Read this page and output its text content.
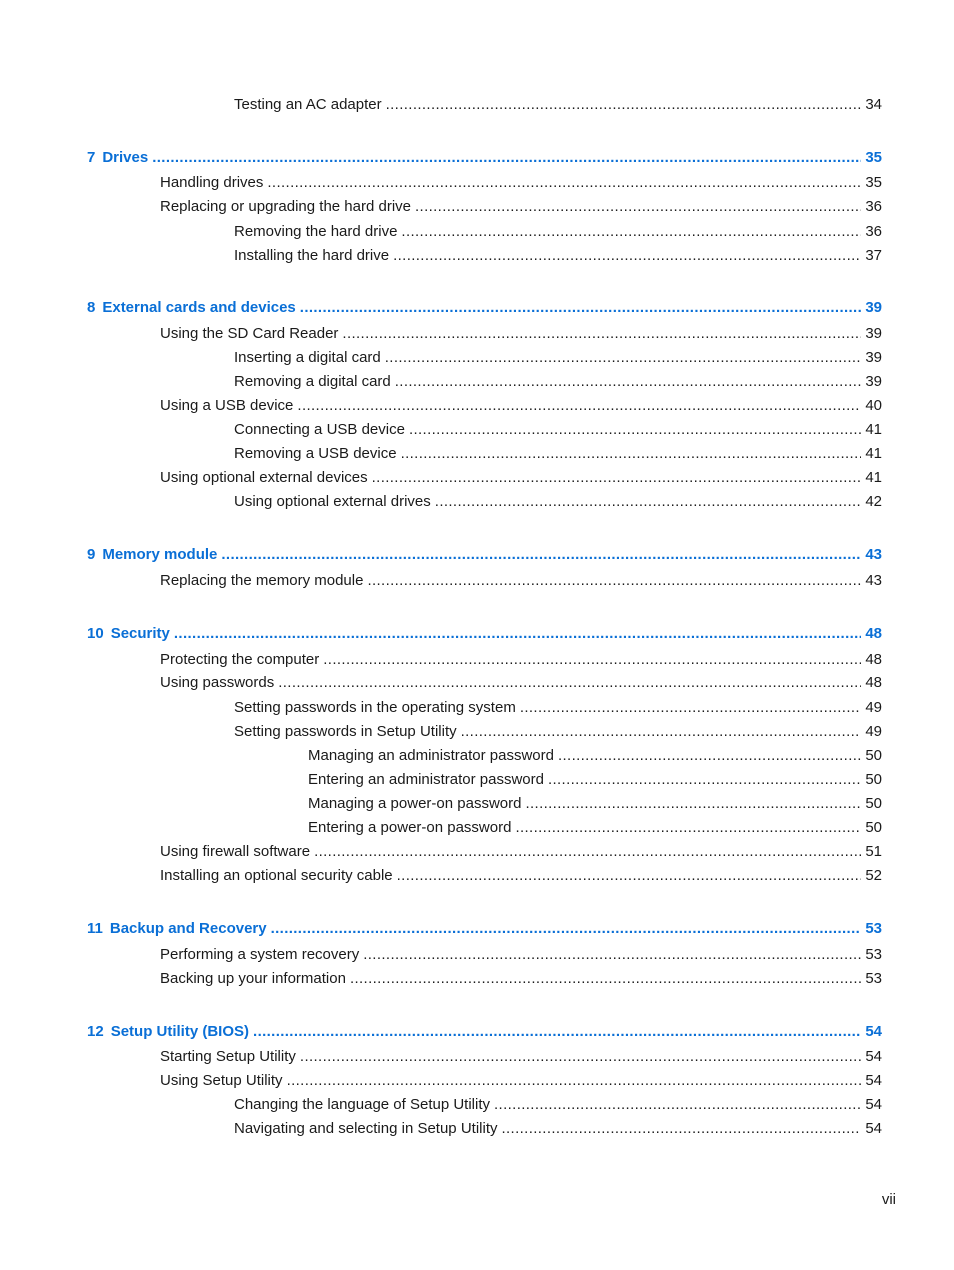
Testing an AC adapter . . .	34
7 Drives . . .	35
Handling drives . . .	35
Replacing or upgrading the hard drive . . .	36
Removing the hard drive . . .	36
Installing the hard drive . . .	37
8 External cards and devices . . .	39
Using the SD Card Reader . . .	39
Inserting a digital card . . .	39
Removing a digital card . . .	39
Using a USB device . . .	40
Connecting a USB device . . .	41
Removing a USB device . . .	41
Using optional external devices . . .	41
Using optional external drives . . .	42
9 Memory module . . .	43
Replacing the memory module . . .	43
10 Security . . .	48
Protecting the computer . . .	48
Using passwords . . .	48
Setting passwords in the operating system . . .	49
Setting passwords in Setup Utility . . .	49
Managing an administrator password . . .	50
Entering an administrator password . . .	50
Managing a power-on password . . .	50
Entering a power-on password . . .	50
Using firewall software . . .	51
Installing an optional security cable . . .	52
11 Backup and Recovery . . .	53
Performing a system recovery . . .	53
Backing up your information . . .	53
12 Setup Utility (BIOS) . . .	54
Starting Setup Utility . . .	54
Using Setup Utility . . .	54
Changing the language of Setup Utility . . .	54
Navigating and selecting in Setup Utility . . .	54
vii
